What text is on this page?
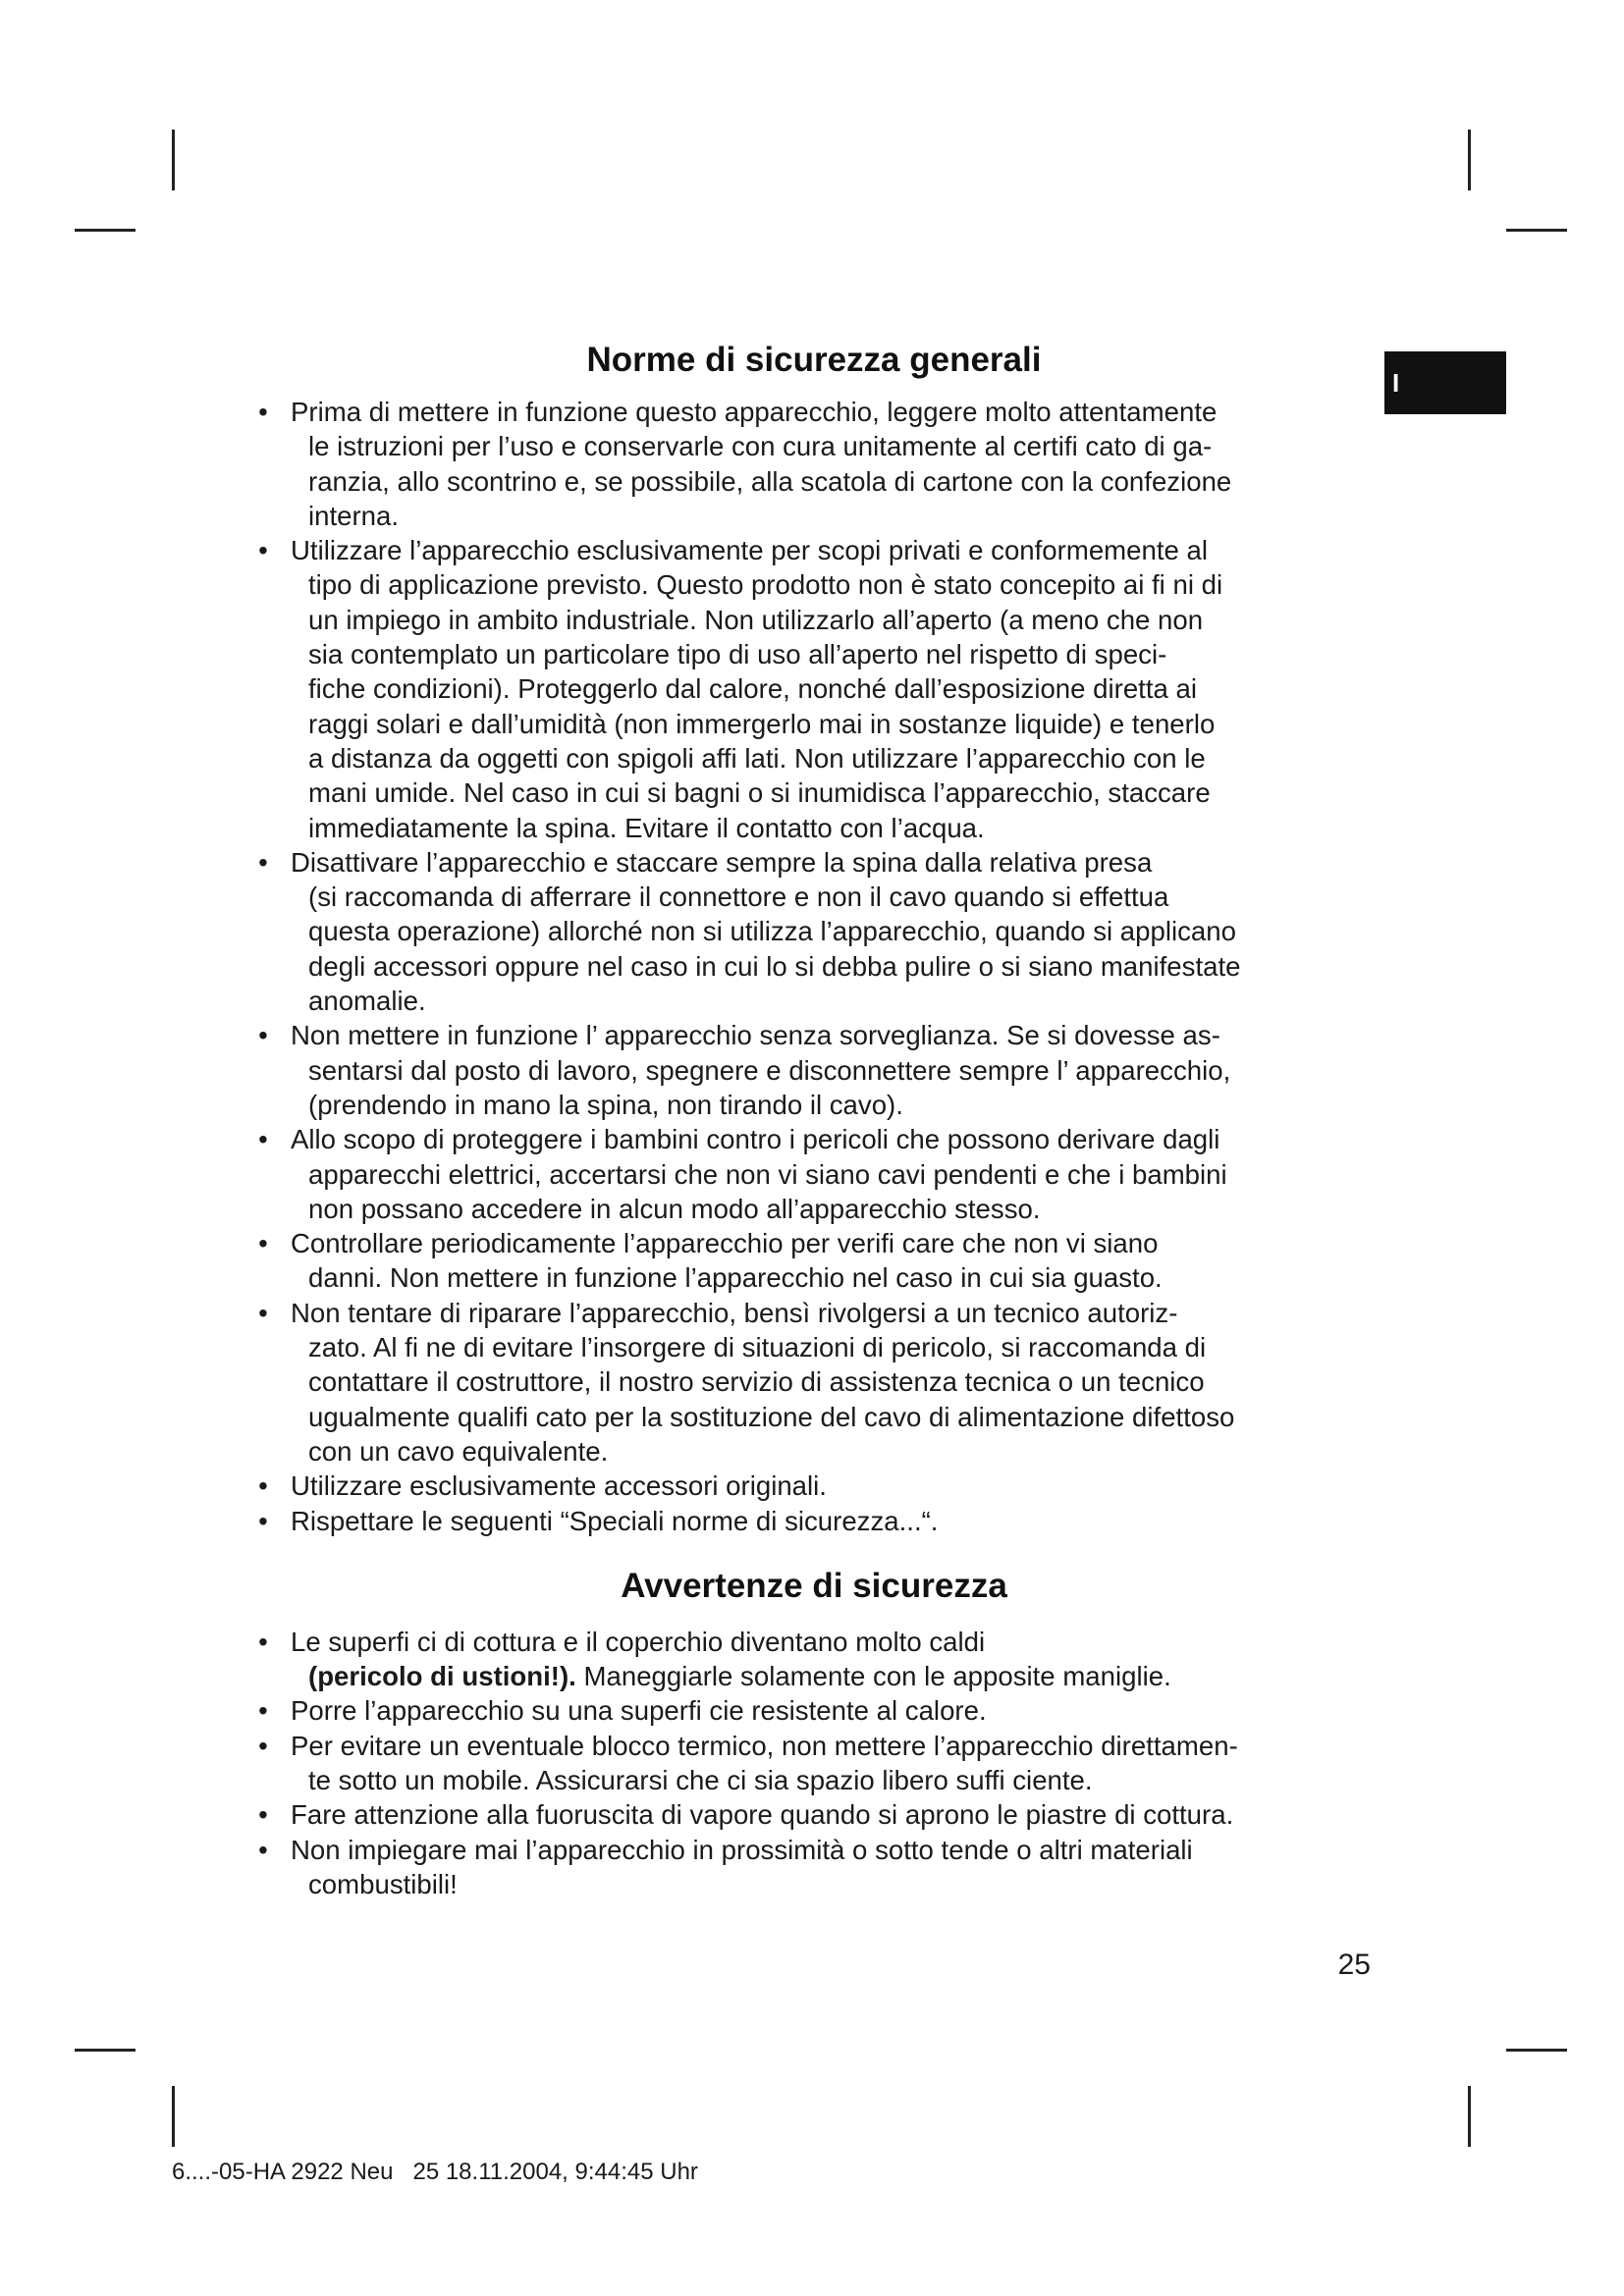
I
Norme di sicurezza generali
• Prima di mettere in funzione questo apparecchio, leggere molto attentamente
le istruzioni per l’uso e conservarle con cura unitamente al certifi cato di ga-
ranzia, allo scontrino e, se possibile, alla scatola di cartone con la confezione
interna.
• Utilizzare l’apparecchio esclusivamente per scopi privati e conformemente al
tipo di applicazione previsto. Questo prodotto non è stato concepito ai fi ni di
un impiego in ambito industriale. Non utilizzarlo all’aperto (a meno che non
sia contemplato un particolare tipo di uso all’aperto nel rispetto di speci-
fiche condizioni). Proteggerlo dal calore, nonché dall’esposizione diretta ai
raggi solari e dall’umidità (non immergerlo mai in sostanze liquide) e tenerlo
a distanza da oggetti con spigoli affi lati. Non utilizzare l’apparecchio con le
mani umide. Nel caso in cui si bagni o si inumidisca l’apparecchio, staccare
immediatamente la spina. Evitare il contatto con l’acqua.
• Disattivare l’apparecchio e staccare sempre la spina dalla relativa presa
(si raccomanda di afferrare il connettore e non il cavo quando si effettua
questa operazione) allorché non si utilizza l’apparecchio, quando si applicano
degli accessori oppure nel caso in cui lo si debba pulire o si siano manifestate
anomalie.
• Non mettere in funzione l’ apparecchio senza sorveglianza. Se si dovesse as-
sentarsi dal posto di lavoro, spegnere e disconnettere sempre l’ apparecchio,
(prendendo in mano la spina, non tirando il cavo).
• Allo scopo di proteggere i bambini contro i pericoli che possono derivare dagli
apparecchi elettrici, accertarsi che non vi siano cavi pendenti e che i bambini
non possano accedere in alcun modo all’apparecchio stesso.
• Controllare periodicamente l’apparecchio per verifi care che non vi siano
danni. Non mettere in funzione l’apparecchio nel caso in cui sia guasto.
• Non tentare di riparare l’apparecchio, bensì rivolgersi a un tecnico autoriz-
zato. Al fi ne di evitare l’insorgere di situazioni di pericolo, si raccomanda di
contattare il costruttore, il nostro servizio di assistenza tecnica o un tecnico
ugualmente qualifi cato per la sostituzione del cavo di alimentazione difettoso
con un cavo equivalente.
• Utilizzare esclusivamente accessori originali.
• Rispettare le seguenti “Speciali norme di sicurezza...“.
Avvertenze di sicurezza
• Le superfi ci di cottura e il coperchio diventano molto caldi
(pericolo di ustioni!). Maneggiarle solamente con le apposite maniglie.
• Porre l’apparecchio su una superfi cie resistente al calore.
• Per evitare un eventuale blocco termico, non mettere l’apparecchio direttamen-
te sotto un mobile. Assicurarsi che ci sia spazio libero suffi ciente.
• Fare attenzione alla fuoruscita di vapore quando si aprono le piastre di cottura.
• Non impiegare mai l’apparecchio in prossimità o sotto tende o altri materiali
combustibili!
25
6....-05-HA 2922 Neu   25 18.11.2004, 9:44:45 Uhr
